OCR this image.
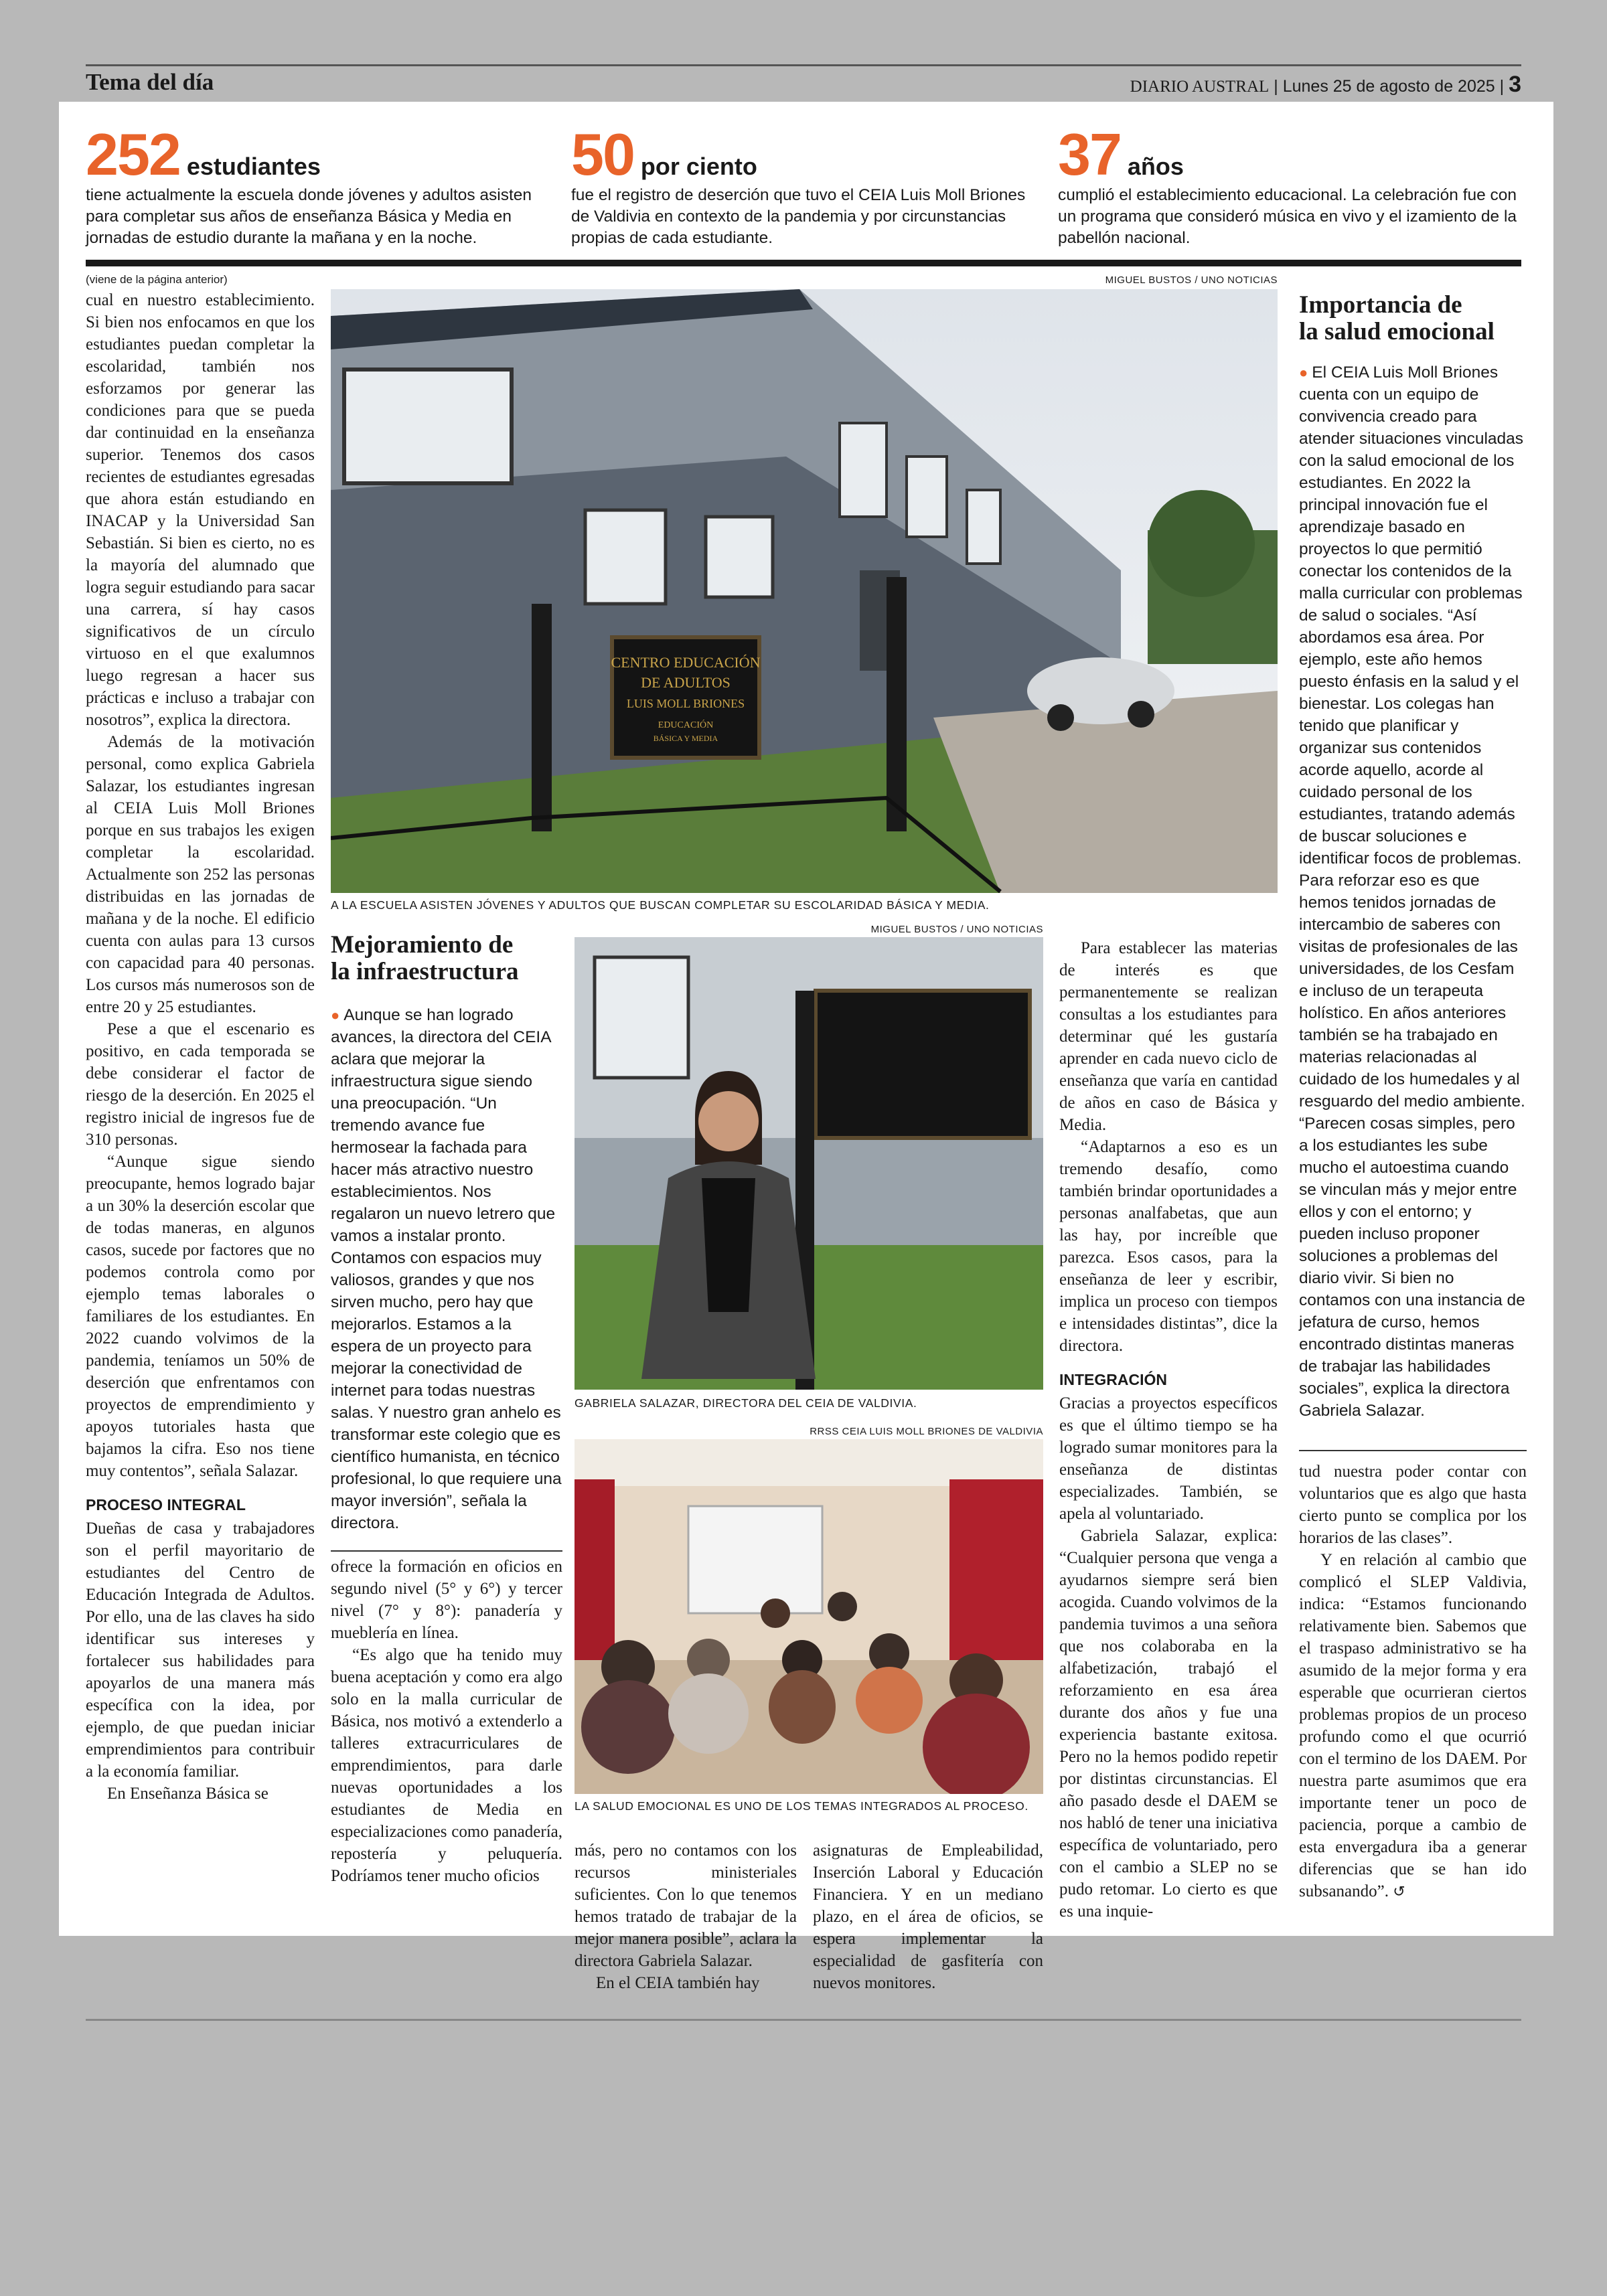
Tema del día	DIARIO AUSTRAL | Lunes 25 de agosto de 2025 | 3
252 estudiantes
tiene actualmente la escuela donde jóvenes y adultos asisten para completar sus años de enseñanza Básica y Media en jornadas de estudio durante la mañana y en la noche.
50 por ciento
fue el registro de deserción que tuvo el CEIA Luis Moll Briones de Valdivia en contexto de la pandemia y por circunstancias propias de cada estudiante.
37 años
cumplió el establecimiento educacional. La celebración fue con un programa que consideró música en vivo y el izamiento de la pabellón nacional.
(viene de la página anterior)	MIGUEL BUSTOS / UNO NOTICIAS
CENTRO EDUCACIÓN
DE ADULTOS
LUIS MOLL BRIONES
EDUCACIÓN
BÁSICA Y MEDIA
A LA ESCUELA ASISTEN JÓVENES Y ADULTOS QUE BUSCAN COMPLETAR SU ESCOLARIDAD BÁSICA Y MEDIA.

cual en nuestro establecimiento. Si bien nos enfocamos en que los estudiantes puedan completar la escolaridad, también nos esforzamos por generar las condiciones para que se pueda dar continuidad en la enseñanza superior. Tenemos dos casos recientes de estudiantes egresadas que ahora están estudiando en INACAP y la Universidad San Sebastián. Si bien es cierto, no es la mayoría del alumnado que logra seguir estudiando para sacar una carrera, sí hay casos significativos de un círculo virtuoso en el que exalumnos luego regresan a hacer sus prácticas e incluso a trabajar con nosotros”, explica la directora.

Además de la motivación personal, como explica Gabriela Salazar, los estudiantes ingresan al CEIA Luis Moll Briones porque en sus trabajos les exigen completar la escolaridad. Actualmente son 252 las personas distribuidas en las jornadas de mañana y de la noche. El edificio cuenta con aulas para 13 cursos con capacidad para 40 personas. Los cursos más numerosos son de entre 20 y 25 estudiantes.

Pese a que el escenario es positivo, en cada temporada se debe considerar el factor de riesgo de la deserción. En 2025 el registro inicial de ingresos fue de 310 personas.

“Aunque sigue siendo preocupante, hemos logrado bajar a un 30% la deserción escolar que de todas maneras, en algunos casos, sucede por factores que no podemos controla como por ejemplo temas laborales o familiares de los estudiantes. En 2022 cuando volvimos de la pandemia, teníamos un 50% de deserción que enfrentamos con proyectos de emprendimiento y apoyos tutoriales hasta que bajamos la cifra. Eso nos tiene muy contentos”, señala Salazar.

PROCESO INTEGRAL

Dueñas de casa y trabajadores son el perfil mayoritario de estudiantes del Centro de Educación Integrada de Adultos. Por ello, una de las claves ha sido identificar sus intereses y fortalecer sus habilidades para apoyarlos de una manera más específica con la idea, por ejemplo, de que puedan iniciar emprendimientos para contribuir a la economía familiar.

En Enseñanza Básica se

Mejoramiento de
la infraestructura
● Aunque se han logrado avances, la directora del CEIA aclara que mejorar la infraestructura sigue siendo una preocupación. “Un tremendo avance fue hermosear la fachada para hacer más atractivo nuestro establecimientos. Nos regalaron un nuevo letrero que vamos a instalar pronto. Contamos con espacios muy valiosos, grandes y que nos sirven mucho, pero hay que mejorarlos. Estamos a la espera de un proyecto para mejorar la conectividad de internet para todas nuestras salas. Y nuestro gran anhelo es transformar este colegio que es científico humanista, en técnico profesional, lo que requiere una mayor inversión”, señala la directora.
MIGUEL BUSTOS / UNO NOTICIAS
GABRIELA SALAZAR, DIRECTORA DEL CEIA DE VALDIVIA.
RRSS CEIA LUIS MOLL BRIONES DE VALDIVIA
LA SALUD EMOCIONAL ES UNO DE LOS TEMAS INTEGRADOS AL PROCESO.

ofrece la formación en oficios en segundo nivel (5° y 6°) y tercer nivel (7° y 8°): panadería y mueblería en línea.

“Es algo que ha tenido muy buena aceptación y como era algo solo en la malla curricular de Básica, nos motivó a extenderlo a talleres extracurriculares de emprendimientos, para darle nuevas oportunidades a los estudiantes de Media en especializaciones como panadería, repostería y peluquería. Podríamos tener mucho oficios

más, pero no contamos con los recursos ministeriales suficientes. Con lo que tenemos hemos tratado de trabajar de la mejor manera posible”, aclara la directora Gabriela Salazar.

En el CEIA también hay

asignaturas de Empleabilidad, Inserción Laboral y Educación Financiera. Y en un mediano plazo, en el área de oficios, se espera implementar la especialidad de gasfitería con nuevos monitores.

Para establecer las materias de interés es que permanentemente se realizan consultas a los estudiantes para determinar qué les gustaría aprender en cada nuevo ciclo de enseñanza que varía en cantidad de años en caso de Básica y Media.

“Adaptarnos a eso es un tremendo desafío, como también brindar oportunidades a personas analfabetas, que aun las hay, por increíble que parezca. Esos casos, para la enseñanza de leer y escribir, implica un proceso con tiempos e intensidades distintas”, dice la directora.

INTEGRACIÓN

Gracias a proyectos específicos es que el último tiempo se ha logrado sumar monitores para la enseñanza de distintas especializades. También, se apela al voluntariado.

Gabriela Salazar, explica: “Cualquier persona que venga a ayudarnos siempre será bien acogida. Cuando volvimos de la pandemia tuvimos a una señora que nos colaboraba en la alfabetización, trabajó el reforzamiento en esa área durante dos años y fue una experiencia bastante exitosa. Pero no la hemos podido repetir por distintas circunstancias. El año pasado desde el DAEM se nos habló de tener una iniciativa específica de voluntariado, pero con el cambio a SLEP no se pudo retomar. Lo cierto es que es una inquie-

Importancia de
la salud emocional
● El CEIA Luis Moll Briones cuenta con un equipo de convivencia creado para atender situaciones vinculadas con la salud emocional de los estudiantes. En 2022 la principal innovación fue el aprendizaje basado en proyectos lo que permitió conectar los contenidos de la malla curricular con problemas de salud o sociales. “Así abordamos esa área. Por ejemplo, este año hemos puesto énfasis en la salud y el bienestar. Los colegas han tenido que planificar y organizar sus contenidos acorde aquello, acorde al cuidado personal de los estudiantes, tratando además de buscar soluciones e identificar focos de problemas. Para reforzar eso es que hemos tenidos jornadas de intercambio de saberes con visitas de profesionales de las universidades, de los Cesfam e incluso de un terapeuta holístico. En años anteriores también se ha trabajado en materias relacionadas al cuidado de los humedales y al resguardo del medio ambiente. “Parecen cosas simples, pero a los estudiantes les sube mucho el autoestima cuando se vinculan más y mejor entre ellos y con el entorno; y pueden incluso proponer soluciones a problemas del diario vivir. Si bien no contamos con una instancia de jefatura de curso, hemos encontrado distintas maneras de trabajar las habilidades sociales”, explica la directora Gabriela Salazar.

tud nuestra poder contar con voluntarios que es algo que hasta cierto punto se complica por los horarios de las clases”.

Y en relación al cambio que complicó el SLEP Valdivia, indica: “Estamos funcionando relativamente bien. Sabemos que el traspaso administrativo se ha asumido de la mejor forma y era esperable que ocurrieran ciertos problemas propios de un proceso profundo como el que ocurrió con el termino de los DAEM. Por nuestra parte asumimos que era importante tener un poco de paciencia, porque a cambio de esta envergadura iba a generar diferencias que se han ido subsanando”. ↺
